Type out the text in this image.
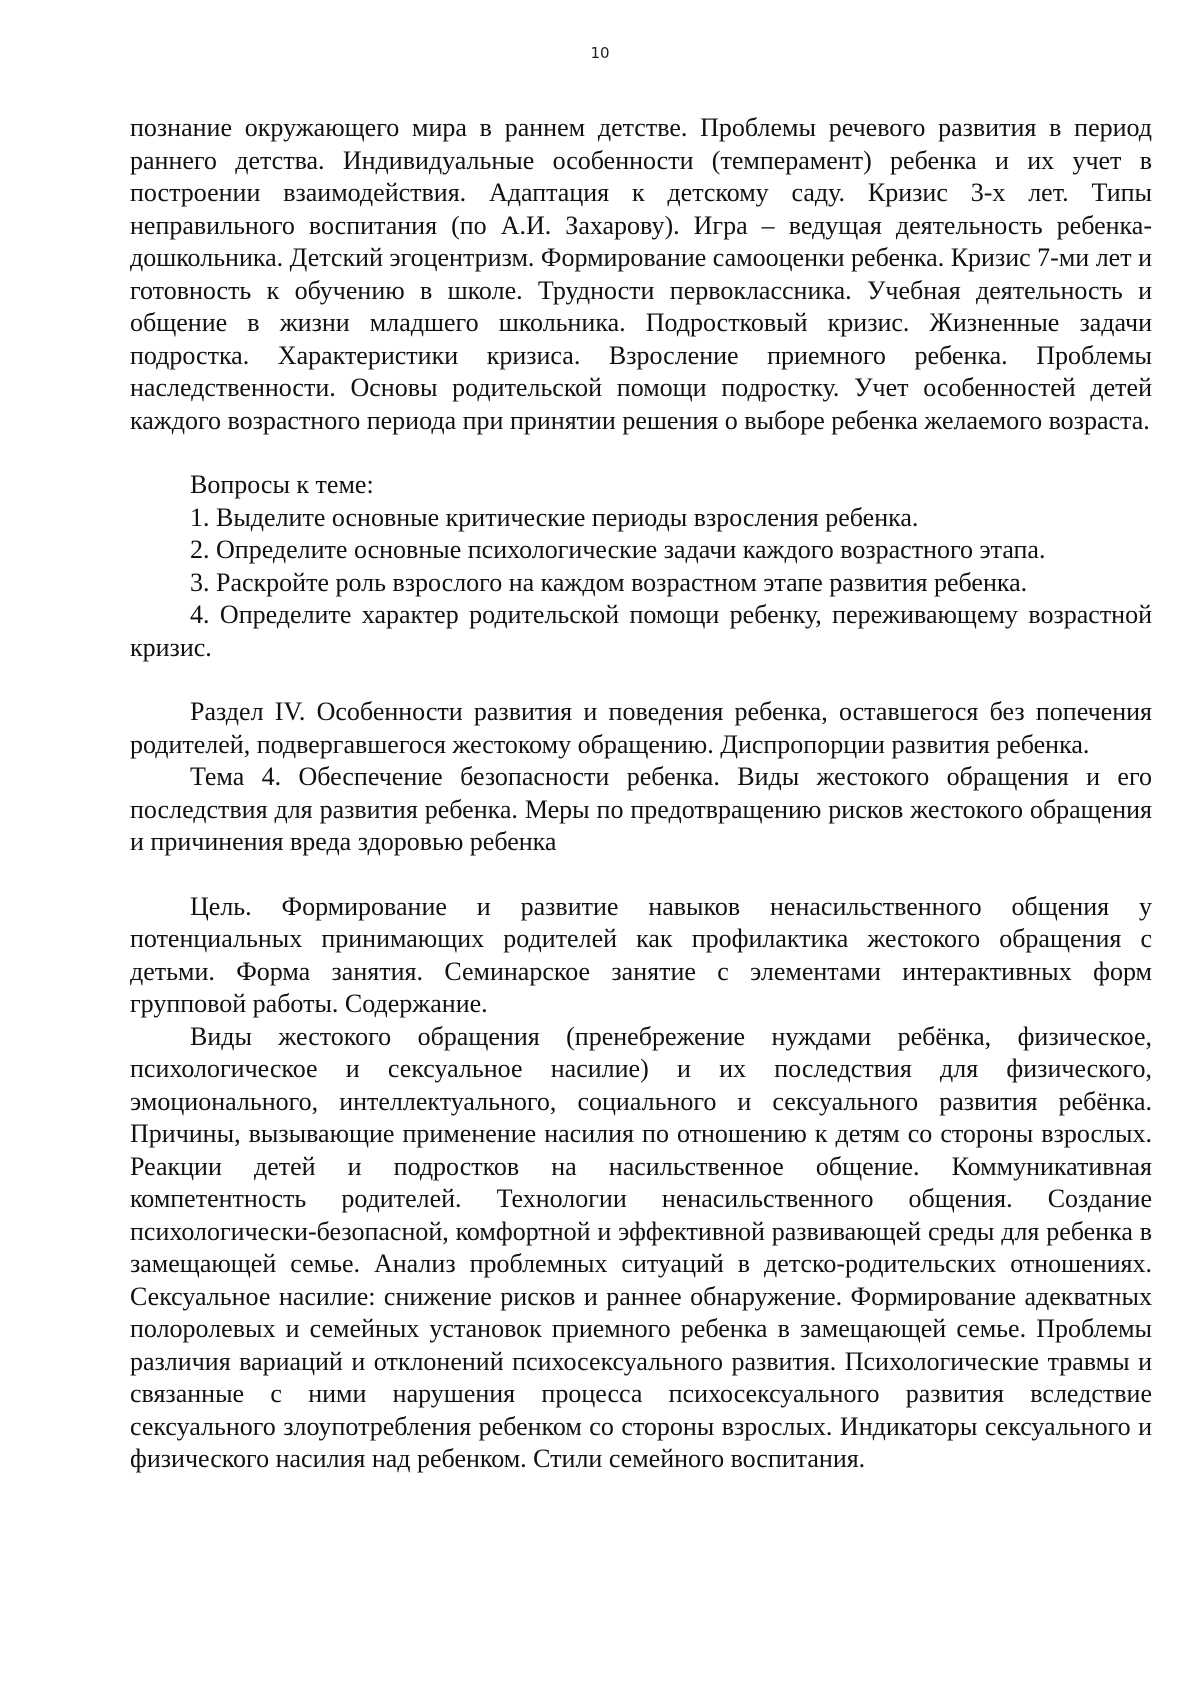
10

познание окружающего мира в раннем детстве. Проблемы речевого развития в период раннего детства. Индивидуальные особенности (темперамент) ребенка и их учет в построении взаимодействия. Адаптация к детскому саду. Кризис 3-х лет. Типы неправильного воспитания (по А.И. Захарову). Игра – ведущая деятельность ребенка- дошкольника. Детский эгоцентризм. Формирование самооценки ребенка. Кризис 7-ми лет и готовность к обучению в школе. Трудности первоклассника. Учебная деятельность и общение в жизни младшего школьника. Подростковый кризис. Жизненные задачи подростка. Характеристики кризиса. Взросление приемного ребенка. Проблемы наследственности. Основы родительской помощи подростку. Учет особенностей детей каждого возрастного периода при принятии решения о выборе ребенка желаемого возраста.

Вопросы к теме:

1. Выделите основные критические периоды взросления ребенка.

2. Определите основные психологические задачи каждого возрастного этапа.

3. Раскройте роль взрослого на каждом возрастном этапе развития ребенка.

4. Определите характер родительской помощи ребенку, переживающему возрастной кризис.

Раздел IV. Особенности развития и поведения ребенка, оставшегося без попечения родителей, подвергавшегося жестокому обращению. Диспропорции развития ребенка.

Тема 4. Обеспечение безопасности ребенка. Виды жестокого обращения и его последствия для развития ребенка. Меры по предотвращению рисков жестокого обращения и причинения вреда здоровью ребенка

Цель. Формирование и развитие навыков ненасильственного общения у потенциальных принимающих родителей как профилактика жестокого обращения с детьми. Форма занятия. Семинарское занятие с элементами интерактивных форм групповой работы. Содержание.

Виды жестокого обращения (пренебрежение нуждами ребёнка, физическое, психологическое и сексуальное насилие) и их последствия для физического, эмоционального, интеллектуального, социального и сексуального развития ребёнка. Причины, вызывающие применение насилия по отношению к детям со стороны взрослых. Реакции детей и подростков на насильственное общение. Коммуникативная компетентность родителей. Технологии ненасильственного общения. Создание психологически-безопасной, комфортной и эффективной развивающей среды для ребенка в замещающей семье. Анализ проблемных ситуаций в детско-родительских отношениях. Сексуальное насилие: снижение рисков и раннее обнаружение. Формирование адекватных полоролевых и семейных установок приемного ребенка в замещающей семье. Проблемы различия вариаций и отклонений психосексуального развития. Психологические травмы и связанные с ними нарушения процесса психосексуального развития вследствие сексуального злоупотребления ребенком со стороны взрослых. Индикаторы сексуального и физического насилия над ребенком. Стили семейного воспитания.
